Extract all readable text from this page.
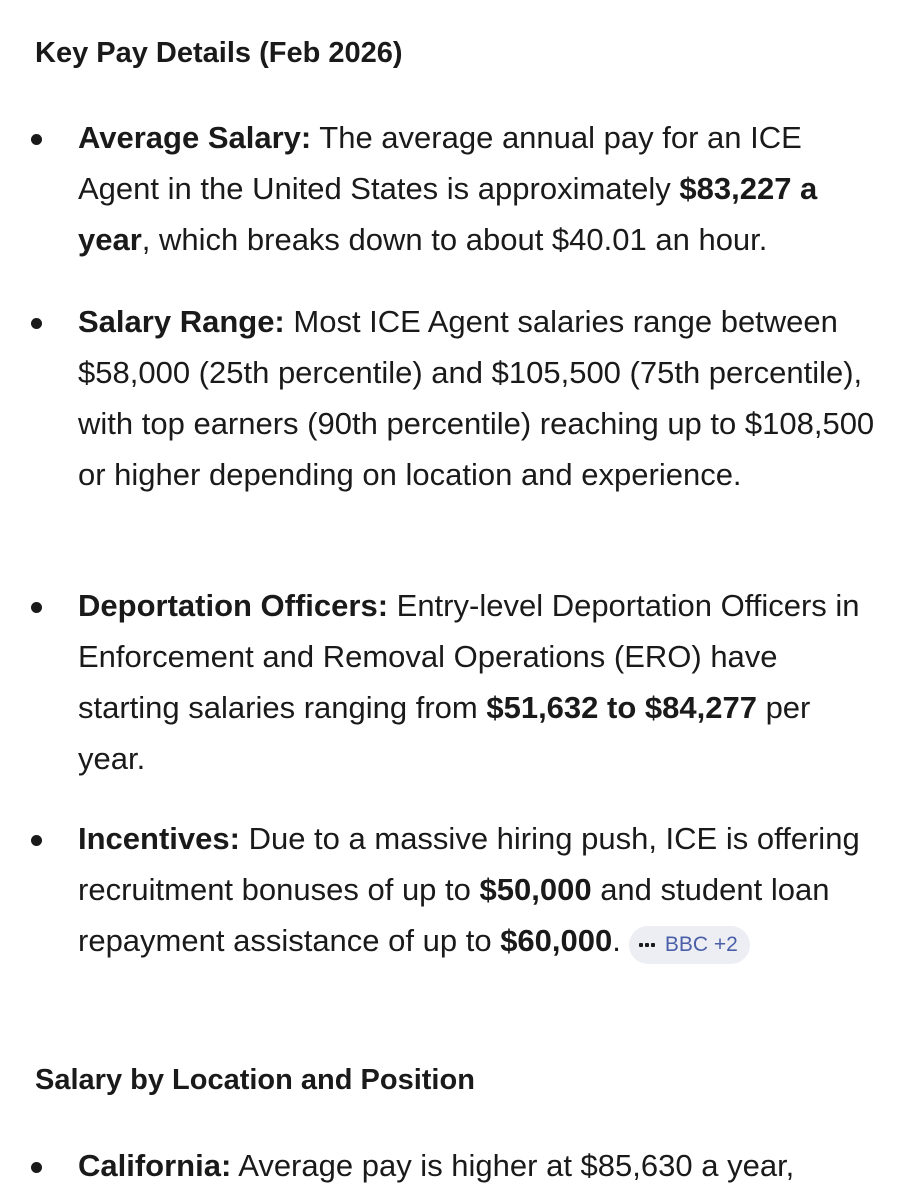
Key Pay Details (Feb 2026)
Average Salary: The average annual pay for an ICE Agent in the United States is approximately $83,227 a year, which breaks down to about $40.01 an hour.
Salary Range: Most ICE Agent salaries range between $58,000 (25th percentile) and $105,500 (75th percentile), with top earners (90th percentile) reaching up to $108,500 or higher depending on location and experience.
Deportation Officers: Entry-level Deportation Officers in Enforcement and Removal Operations (ERO) have starting salaries ranging from $51,632 to $84,277 per year.
Incentives: Due to a massive hiring push, ICE is offering recruitment bonuses of up to $50,000 and student loan repayment assistance of up to $60,000. BBC +2
Salary by Location and Position
California: Average pay is higher at $85,630 a year,
